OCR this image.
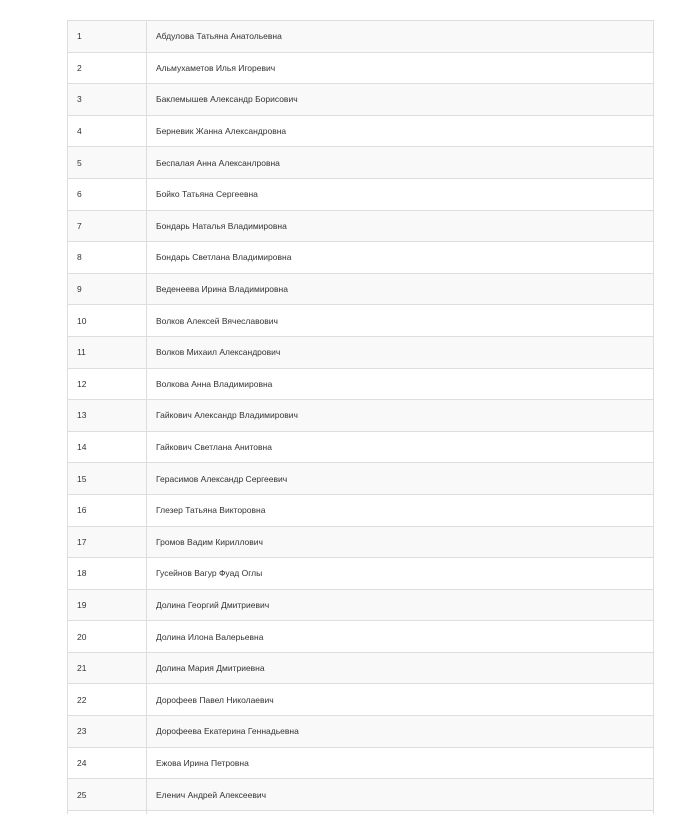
1	Абдулова Татьяна Анатольевна
2	Альмухаметов Илья Игоревич
3	Баклемышев Александр Борисович
4	Берневик Жанна Александровна
5	Беспалая Анна Алексанлровна
6	Бойко Татьяна Сергеевна
7	Бондарь Наталья Владимировна
8	Бондарь Светлана Владимировна
9	Веденеева Ирина Владимировна
10	Волков Алексей Вячеславович
11	Волков Михаил Александрович
12	Волкова Анна Владимировна
13	Гайкович Александр Владимирович
14	Гайкович Светлана Анитовна
15	Герасимов Александр Сергеевич
16	Глезер Татьяна Викторовна
17	Громов Вадим Кириллович
18	Гусейнов Вагур Фуад Оглы
19	Долина Георгий Дмитриевич
20	Долина Илона Валерьевна
21	Долина Мария Дмитриевна
22	Дорофеев Павел Николаевич
23	Дорофеева Екатерина Геннадьевна
24	Ежова Ирина Петровна
25	Еленич Андрей Алексеевич
